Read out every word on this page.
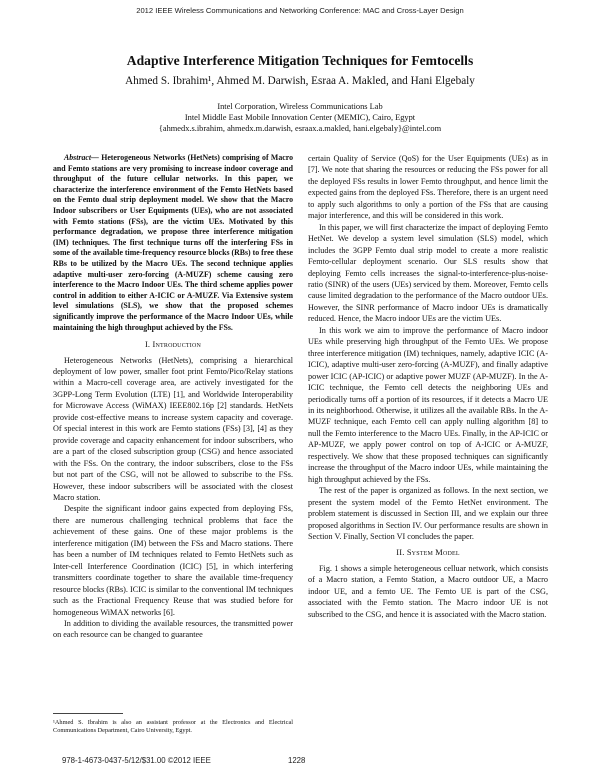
2012 IEEE Wireless Communications and Networking Conference: MAC and Cross-Layer Design
Adaptive Interference Mitigation Techniques for Femtocells
Ahmed S. Ibrahim¹, Ahmed M. Darwish, Esraa A. Makled, and Hani Elgebaly
Intel Corporation, Wireless Communications Lab
Intel Middle East Mobile Innovation Center (MEMIC), Cairo, Egypt
{ahmedx.s.ibrahim, ahmedx.m.darwish, esraax.a.makled, hani.elgebaly}@intel.com

Abstract— Heterogeneous Networks (HetNets) comprising of Macro and Femto stations are very promising to increase indoor coverage and throughput of the future cellular networks. In this paper, we characterize the interference environment of the Femto HetNets based on the Femto dual strip deployment model. We show that the Macro Indoor subscribers or User Equipments (UEs), who are not associated with Femto stations (FSs), are the victim UEs. Motivated by this performance degradation, we propose three interference mitigation (IM) techniques. The first technique turns off the interfering FSs in some of the available time-frequency resource blocks (RBs) to free these RBs to be utilized by the Macro UEs. The second technique applies adaptive multi-user zero-forcing (A-MUZF) scheme causing zero interference to the Macro Indoor UEs. The third scheme applies power control in addition to either A-ICIC or A-MUZF. Via Extensive system level simulations (SLS), we show that the proposed schemes significantly improve the performance of the Macro Indoor UEs, while maintaining the high throughput achieved by the FSs.

I. Introduction

Heterogeneous Networks (HetNets), comprising a hierarchical deployment of low power, smaller foot print Femto/Pico/Relay stations within a Macro-cell coverage area, are actively investigated for the 3GPP-Long Term Evolution (LTE) [1], and Worldwide Interoperability for Microwave Access (WiMAX) IEEE802.16p [2] standards. HetNets provide cost-effective means to increase system capacity and coverage. Of special interest in this work are Femto stations (FSs) [3], [4] as they provide coverage and capacity enhancement for indoor subscribers, who are a part of the closed subscription group (CSG) and hence associated with the FSs. On the contrary, the indoor subscribers, close to the FSs but not part of the CSG, will not be allowed to subscribe to the FSs. However, these indoor subscribers will be associated with the closest Macro station.

Despite the significant indoor gains expected from deploying FSs, there are numerous challenging technical problems that face the achievement of these gains. One of these major problems is the interference mitigation (IM) between the FSs and Macro stations. There has been a number of IM techniques related to Femto HetNets such as Inter-cell Interference Coordination (ICIC) [5], in which interfering transmitters coordinate together to share the available time-frequency resource blocks (RBs). ICIC is similar to the conventional IM techniques such as the Fractional Frequency Reuse that was studied before for homogeneous WiMAX networks [6].

In addition to dividing the available resources, the transmitted power on each resource can be changed to guarantee

certain Quality of Service (QoS) for the User Equipments (UEs) as in [7]. We note that sharing the resources or reducing the FSs power for all the deployed FSs results in lower Femto throughput, and hence limit the expected gains from the deployed FSs. Therefore, there is an urgent need to apply such algorithms to only a portion of the FSs that are causing major interference, and this will be considered in this work.

In this paper, we will first characterize the impact of deploying Femto HetNet. We develop a system level simulation (SLS) model, which includes the 3GPP Femto dual strip model to create a more realistic Femto-cellular deployment scenario. Our SLS results show that deploying Femto cells increases the signal-to-interference-plus-noise-ratio (SINR) of the users (UEs) serviced by them. Moreover, Femto cells cause limited degradation to the performance of the Macro outdoor UEs. However, the SINR performance of Macro indoor UEs is dramatically reduced. Hence, the Macro indoor UEs are the victim UEs.

In this work we aim to improve the performance of Macro indoor UEs while preserving high throughput of the Femto UEs. We propose three interference mitigation (IM) techniques, namely, adaptive ICIC (A-ICIC), adaptive multi-user zero-forcing (A-MUZF), and finally adaptive power ICIC (AP-ICIC) or adaptive power MUZF (AP-MUZF). In the A-ICIC technique, the Femto cell detects the neighboring UEs and periodically turns off a portion of its resources, if it detects a Macro UE in its neighborhood. Otherwise, it utilizes all the available RBs. In the A-MUZF technique, each Femto cell can apply nulling algorithm [8] to null the Femto interference to the Macro UEs. Finally, in the AP-ICIC or AP-MUZF, we apply power control on top of A-ICIC or A-MUZF, respectively. We show that these proposed techniques can significantly increase the throughput of the Macro indoor UEs, while maintaining the high throughput achieved by the FSs.

The rest of the paper is organized as follows. In the next section, we present the system model of the Femto HetNet environment. The problem statement is discussed in Section III, and we explain our three proposed algorithms in Section IV. Our performance results are shown in Section V. Finally, Section VI concludes the paper.

II. System Model

Fig. 1 shows a simple heterogeneous celluar network, which consists of a Macro station, a Femto Station, a Macro outdoor UE, a Macro indoor UE, and a femto UE. The Femto UE is part of the CSG, associated with the Femto station. The Macro indoor UE is not subscribed to the CSG, and hence it is associated with the Macro station.

¹Ahmed S. Ibrahim is also an assistant professor at the Electronics and Electrical Communications Department, Cairo University, Egypt.
978-1-4673-0437-5/12/$31.00 ©2012 IEEE	1228
